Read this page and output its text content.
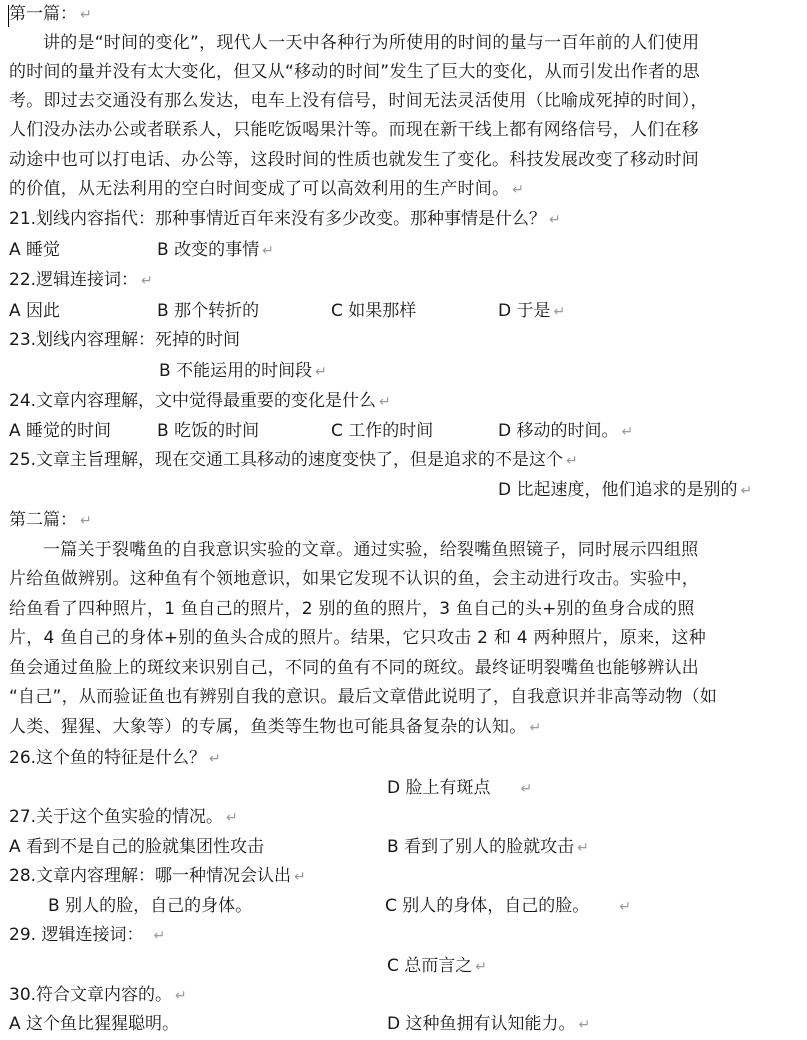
第一篇： ↵
讲的是“时间的变化”，现代人一天中各种行为所使用的时间的量与一百年前的人们使用
的时间的量并没有太大变化，但又从“移动的时间”发生了巨大的变化，从而引发出作者的思
考。即过去交通没有那么发达，电车上没有信号，时间无法灵活使用（比喻成死掉的时间），
人们没办法办公或者联系人，只能吃饭喝果汁等。而现在新干线上都有网络信号，人们在移
动途中也可以打电话、办公等，这段时间的性质也就发生了变化。科技发展改变了移动时间
的价值，从无法利用的空白时间变成了可以高效利用的生产时间。 ↵
21.划线内容指代：那种事情近百年来没有多少改变。那种事情是什么？ ↵
A 睡觉	B 改变的事情 ↵
22.逻辑连接词： ↵
A 因此	B 那个转折的	C 如果那样	D 于是 ↵
23.划线内容理解：死掉的时间
B 不能运用的时间段 ↵
24.文章内容理解，文中觉得最重要的变化是什么 ↵
A 睡觉的时间	B 吃饭的时间	C 工作的时间	D 移动的时间。 ↵
25.文章主旨理解，现在交通工具移动的速度变快了，但是追求的不是这个 ↵
D 比起速度，他们追求的是别的 ↵
第二篇： ↵
一篇关于裂嘴鱼的自我意识实验的文章。通过实验，给裂嘴鱼照镜子，同时展示四组照
片给鱼做辨别。这种鱼有个领地意识，如果它发现不认识的鱼，会主动进行攻击。实验中，
给鱼看了四种照片，1 鱼自己的照片，2 别的鱼的照片，3 鱼自己的头+别的鱼身合成的照
片，4 鱼自己的身体+别的鱼头合成的照片。结果，它只攻击 2 和 4 两种照片，原来，这种
鱼会通过鱼脸上的斑纹来识别自己，不同的鱼有不同的斑纹。最终证明裂嘴鱼也能够辨认出
“自己”，从而验证鱼也有辨别自我的意识。最后文章借此说明了，自我意识并非高等动物（如
人类、猩猩、大象等）的专属，鱼类等生物也可能具备复杂的认知。 ↵
26.这个鱼的特征是什么？ ↵
D 脸上有斑点 ↵
27.关于这个鱼实验的情况。 ↵
A 看到不是自己的脸就集团性攻击	B 看到了别人的脸就攻击 ↵
28.文章内容理解：哪一种情况会认出 ↵
B 别人的脸，自己的身体。	C 别人的身体，自己的脸。 ↵
29. 逻辑连接词： ↵
C 总而言之 ↵
30.符合文章内容的。 ↵
A 这个鱼比猩猩聪明。	D 这种鱼拥有认知能力。 ↵
